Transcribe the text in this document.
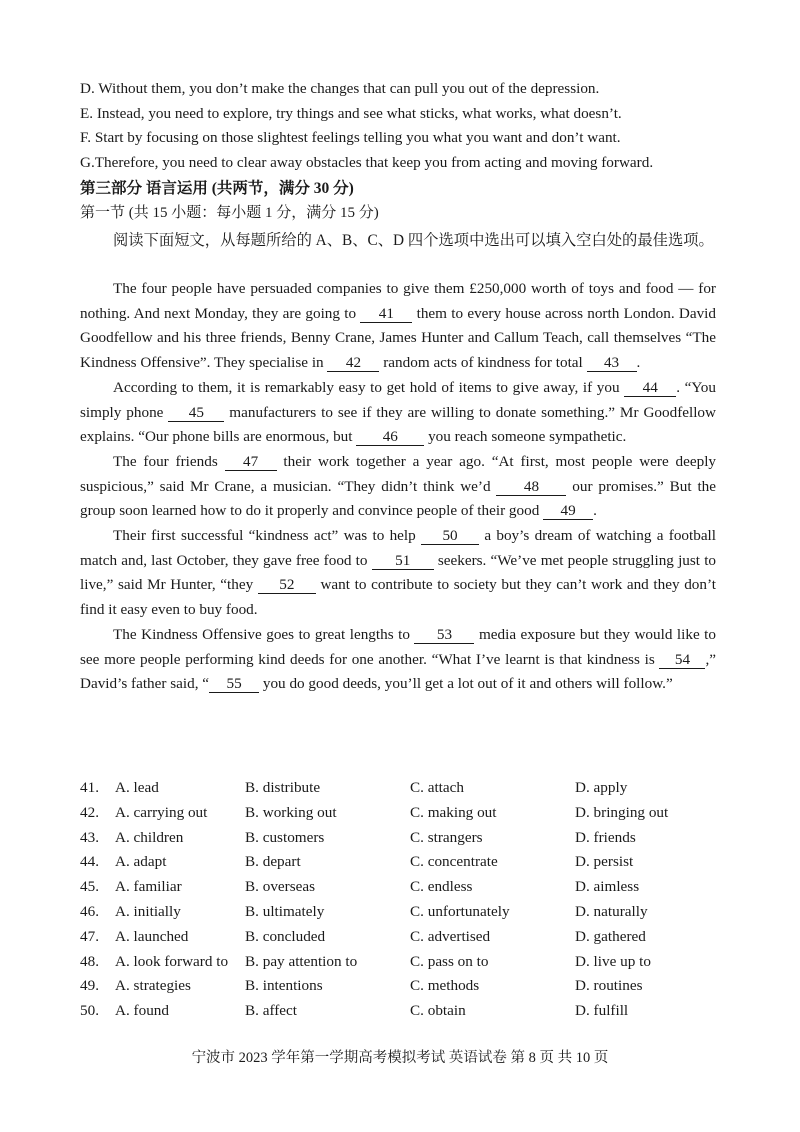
D. Without them, you don’t make the changes that can pull you out of the depression.
E. Instead, you need to explore, try things and see what sticks, what works, what doesn’t.
F. Start by focusing on those slightest feelings telling you what you want and don’t want.
G.Therefore, you need to clear away obstacles that keep you from acting and moving forward.
第三部分 语言运用 (共两节，满分 30 分)
第一节 (共 15 小题：每小题 1 分，满分 15 分)
阅读下面短文，从每题所给的 A、B、C、D 四个选项中选出可以填入空白处的最佳选项。

The four people have persuaded companies to give them £250,000 worth of toys and food — for nothing. And next Monday, they are going to 41 them to every house across north London. David Goodfellow and his three friends, Benny Crane, James Hunter and Callum Teach, call themselves “The Kindness Offensive”. They specialise in 42 random acts of kindness for total 43 .

According to them, it is remarkably easy to get hold of items to give away, if you 44 . “You simply phone 45 manufacturers to see if they are willing to donate something.” Mr Goodfellow explains. “Our phone bills are enormous, but 46 you reach someone sympathetic.

The four friends 47 their work together a year ago. “At first, most people were deeply suspicious,” said Mr Crane, a musician. “They didn’t think we’d 48 our promises.” But the group soon learned how to do it properly and convince people of their good 49 .

Their first successful “kindness act” was to help 50 a boy’s dream of watching a football match and, last October, they gave free food to 51 seekers. “We’ve met people struggling just to live,” said Mr Hunter, “they 52 want to contribute to society but they can’t work and they don’t find it easy even to buy food.

The Kindness Offensive goes to great lengths to 53 media exposure but they would like to see more people performing kind deeds for one another. “What I’ve learnt is that kindness is 54 ,” David’s father said, “ 55 you do good deeds, you’ll get a lot out of it and others will follow.”

41. A. lead	B. distribute	C. attach	D. apply
42. A. carrying out B. working out	C. making out	D. bringing out
43. A. children	B. customers	C. strangers	D. friends
44. A. adapt	B. depart	C. concentrate	D. persist
45. A. familiar	B. overseas	C. endless	D. aimless
46. A. initially	B. ultimately	C. unfortunately	D. naturally
47. A. launched	B. concluded	C. advertised	D. gathered
48. A. look forward to B. pay attention to	C. pass on to	D. live up to
49. A. strategies	B. intentions	C. methods	D. routines
50. A. found	B. affect	C. obtain	D. fulfill
宁波市 2023 学年第一学期高考模拟考试 英语试卷 第 8 页 共 10 页
